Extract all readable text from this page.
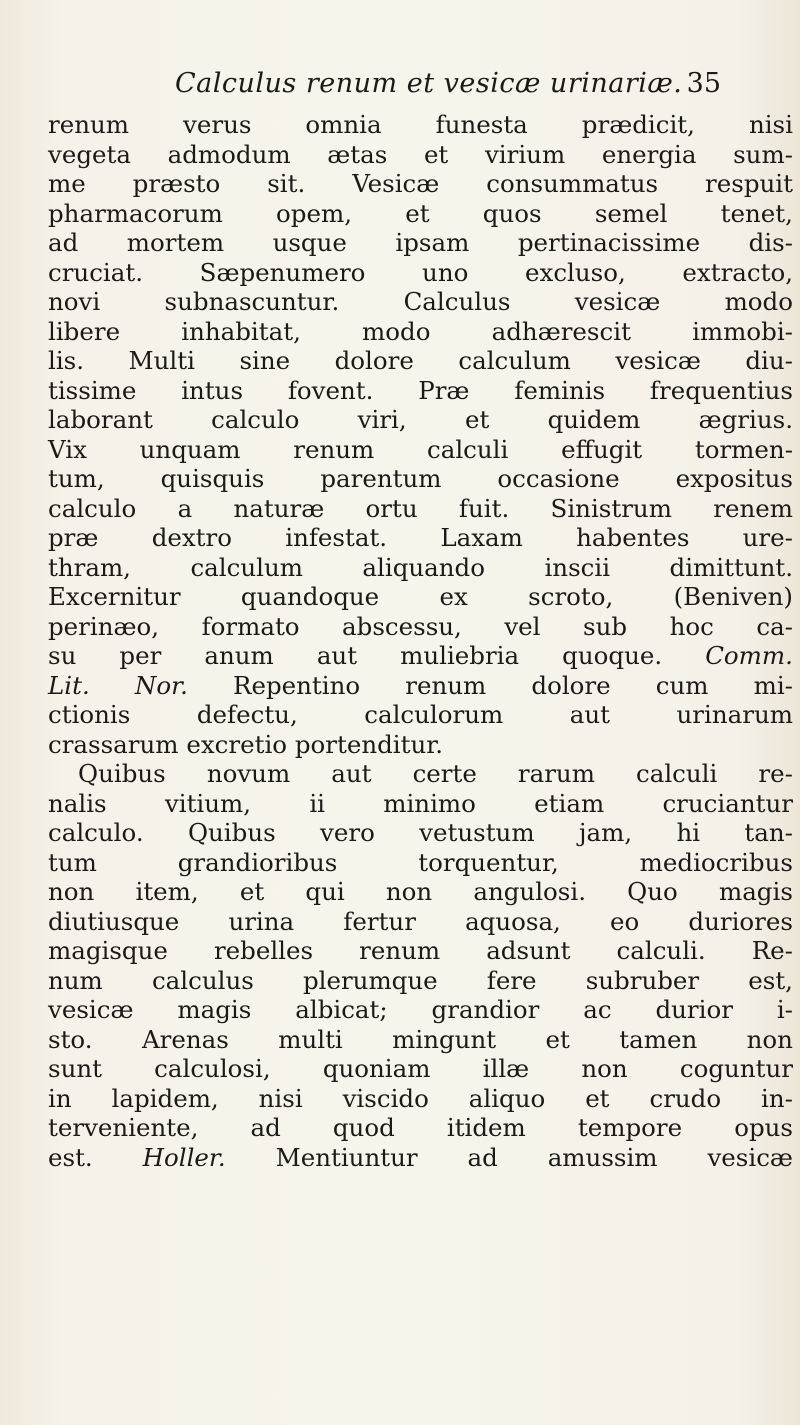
Calculus renum et vesicæ urinariæ. 35
renum verus omnia funesta prædicit, nisi
vegeta admodum ætas et virium energia sum-
me præsto sit. Vesicæ consummatus respuit
pharmacorum opem, et quos semel tenet,
ad mortem usque ipsam pertinacissime dis-
cruciat. Sæpenumero uno excluso, extracto,
novi	subnascuntur.	Calculus	vesicæ	modo
libere inhabitat, modo adhærescit immobi-
lis. Multi sine dolore calculum vesicæ diu-
tissime intus fovent. Præ feminis frequentius
laborant calculo viri, et quidem ægrius.
Vix unquam renum calculi effugit tormen-
tum, quisquis parentum occasione expositus
calculo a naturæ ortu fuit. Sinistrum renem
præ dextro infestat. Laxam habentes ure-
thram, calculum aliquando inscii dimittunt.
Excernitur quandoque ex scroto, (Beniven)
perinæo, formato abscessu, vel sub hoc ca-
su per anum aut muliebria quoque. Comm.
Lit. Nor. Repentino renum dolore cum mi-
ctionis	defectu,	calculorum	aut	urinarum
crassarum excretio portenditur.
Quibus novum aut certe rarum calculi re-
nalis vitium, ii minimo etiam cruciantur
calculo. Quibus vero vetustum jam, hi tan-
tum	grandioribus	torquentur,	mediocribus
non item, et qui non angulosi. Quo magis
diutiusque urina fertur aquosa, eo duriores
magisque rebelles renum adsunt calculi. Re-
num calculus plerumque fere subruber est,
vesicæ magis albicat; grandior ac durior i-
sto. Arenas multi mingunt et tamen non
sunt calculosi, quoniam illæ non coguntur
in lapidem, nisi viscido aliquo et crudo in-
terveniente, ad quod itidem tempore opus
est. Holler. Mentiuntur ad amussim vesicæ
